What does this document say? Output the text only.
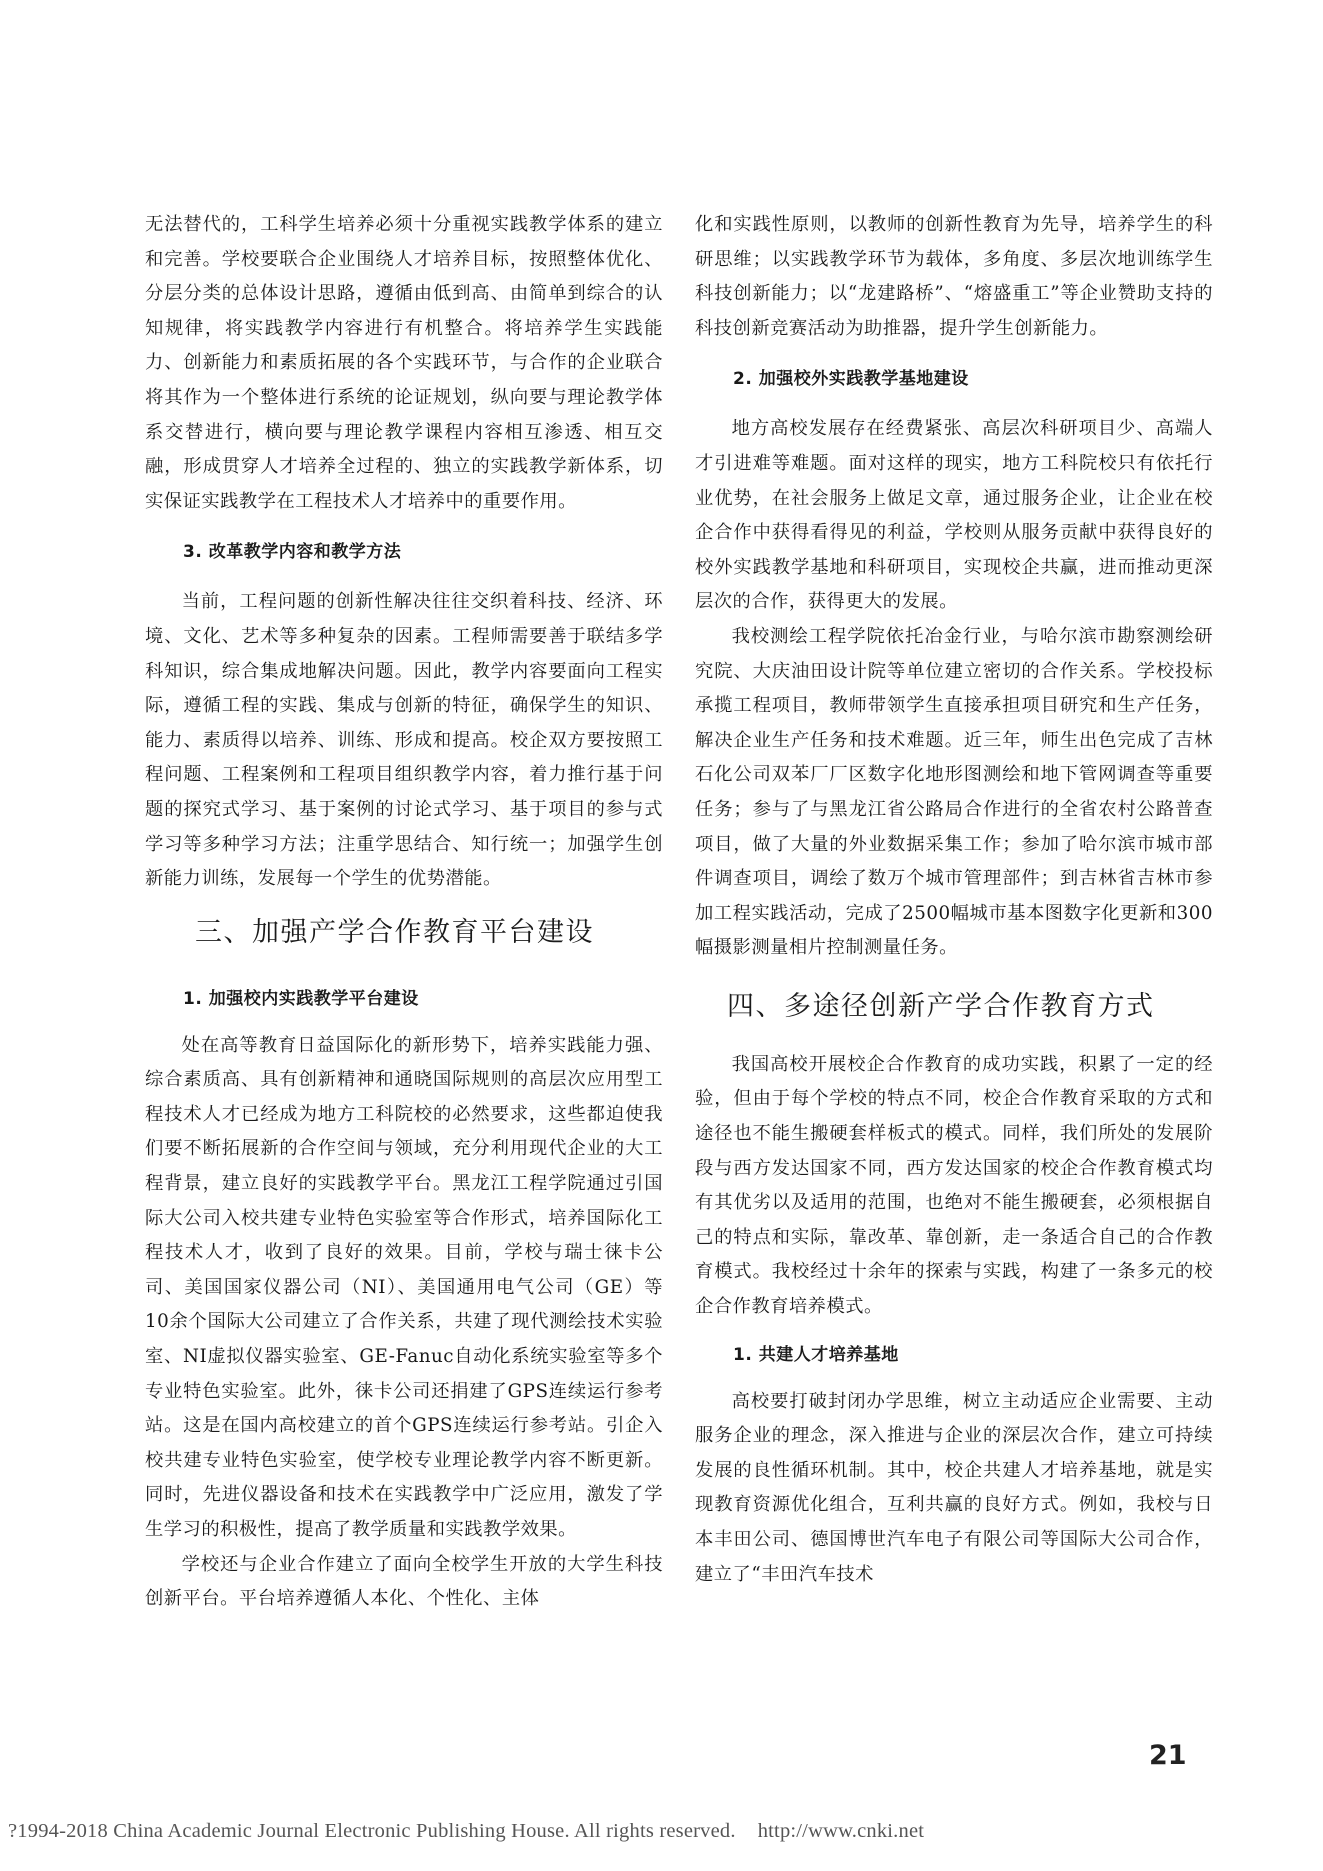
无法替代的，工科学生培养必须十分重视实践教学体系的建立和完善。学校要联合企业围绕人才培养目标，按照整体优化、分层分类的总体设计思路，遵循由低到高、由简单到综合的认知规律，将实践教学内容进行有机整合。将培养学生实践能力、创新能力和素质拓展的各个实践环节，与合作的企业联合将其作为一个整体进行系统的论证规划，纵向要与理论教学体系交替进行，横向要与理论教学课程内容相互渗透、相互交融，形成贯穿人才培养全过程的、独立的实践教学新体系，切实保证实践教学在工程技术人才培养中的重要作用。

3. 改革教学内容和教学方法

当前，工程问题的创新性解决往往交织着科技、经济、环境、文化、艺术等多种复杂的因素。工程师需要善于联结多学科知识，综合集成地解决问题。因此，教学内容要面向工程实际，遵循工程的实践、集成与创新的特征，确保学生的知识、能力、素质得以培养、训练、形成和提高。校企双方要按照工程问题、工程案例和工程项目组织教学内容，着力推行基于问题的探究式学习、基于案例的讨论式学习、基于项目的参与式学习等多种学习方法；注重学思结合、知行统一；加强学生创新能力训练，发展每一个学生的优势潜能。

三、加强产学合作教育平台建设
1. 加强校内实践教学平台建设

处在高等教育日益国际化的新形势下，培养实践能力强、综合素质高、具有创新精神和通晓国际规则的高层次应用型工程技术人才已经成为地方工科院校的必然要求，这些都迫使我们要不断拓展新的合作空间与领域，充分利用现代企业的大工程背景，建立良好的实践教学平台。黑龙江工程学院通过引国际大公司入校共建专业特色实验室等合作形式，培养国际化工程技术人才，收到了良好的效果。目前，学校与瑞士徕卡公司、美国国家仪器公司（NI）、美国通用电气公司（GE）等10余个国际大公司建立了合作关系，共建了现代测绘技术实验室、NI虚拟仪器实验室、GE-Fanuc自动化系统实验室等多个专业特色实验室。此外，徕卡公司还捐建了GPS连续运行参考站。这是在国内高校建立的首个GPS连续运行参考站。引企入校共建专业特色实验室，使学校专业理论教学内容不断更新。同时，先进仪器设备和技术在实践教学中广泛应用，激发了学生学习的积极性，提高了教学质量和实践教学效果。

学校还与企业合作建立了面向全校学生开放的大学生科技创新平台。平台培养遵循人本化、个性化、主体

化和实践性原则，以教师的创新性教育为先导，培养学生的科研思维；以实践教学环节为载体，多角度、多层次地训练学生科技创新能力；以“龙建路桥”、“熔盛重工”等企业赞助支持的科技创新竞赛活动为助推器，提升学生创新能力。

2. 加强校外实践教学基地建设

地方高校发展存在经费紧张、高层次科研项目少、高端人才引进难等难题。面对这样的现实，地方工科院校只有依托行业优势，在社会服务上做足文章，通过服务企业，让企业在校企合作中获得看得见的利益，学校则从服务贡献中获得良好的校外实践教学基地和科研项目，实现校企共赢，进而推动更深层次的合作，获得更大的发展。

我校测绘工程学院依托冶金行业，与哈尔滨市勘察测绘研究院、大庆油田设计院等单位建立密切的合作关系。学校投标承揽工程项目，教师带领学生直接承担项目研究和生产任务，解决企业生产任务和技术难题。近三年，师生出色完成了吉林石化公司双苯厂厂区数字化地形图测绘和地下管网调查等重要任务；参与了与黑龙江省公路局合作进行的全省农村公路普查项目，做了大量的外业数据采集工作；参加了哈尔滨市城市部件调查项目，调绘了数万个城市管理部件；到吉林省吉林市参加工程实践活动，完成了2500幅城市基本图数字化更新和300幅摄影测量相片控制测量任务。

四、多途径创新产学合作教育方式

我国高校开展校企合作教育的成功实践，积累了一定的经验，但由于每个学校的特点不同，校企合作教育采取的方式和途径也不能生搬硬套样板式的模式。同样，我们所处的发展阶段与西方发达国家不同，西方发达国家的校企合作教育模式均有其优劣以及适用的范围，也绝对不能生搬硬套，必须根据自己的特点和实际，靠改革、靠创新，走一条适合自己的合作教育模式。我校经过十余年的探索与实践，构建了一条多元的校企合作教育培养模式。

1. 共建人才培养基地

高校要打破封闭办学思维，树立主动适应企业需要、主动服务企业的理念，深入推进与企业的深层次合作，建立可持续发展的良性循环机制。其中，校企共建人才培养基地，就是实现教育资源优化组合，互利共赢的良好方式。例如，我校与日本丰田公司、德国博世汽车电子有限公司等国际大公司合作，建立了“丰田汽车技术

21
?1994-2018 China Academic Journal Electronic Publishing House. All rights reserved. http://www.cnki.net
